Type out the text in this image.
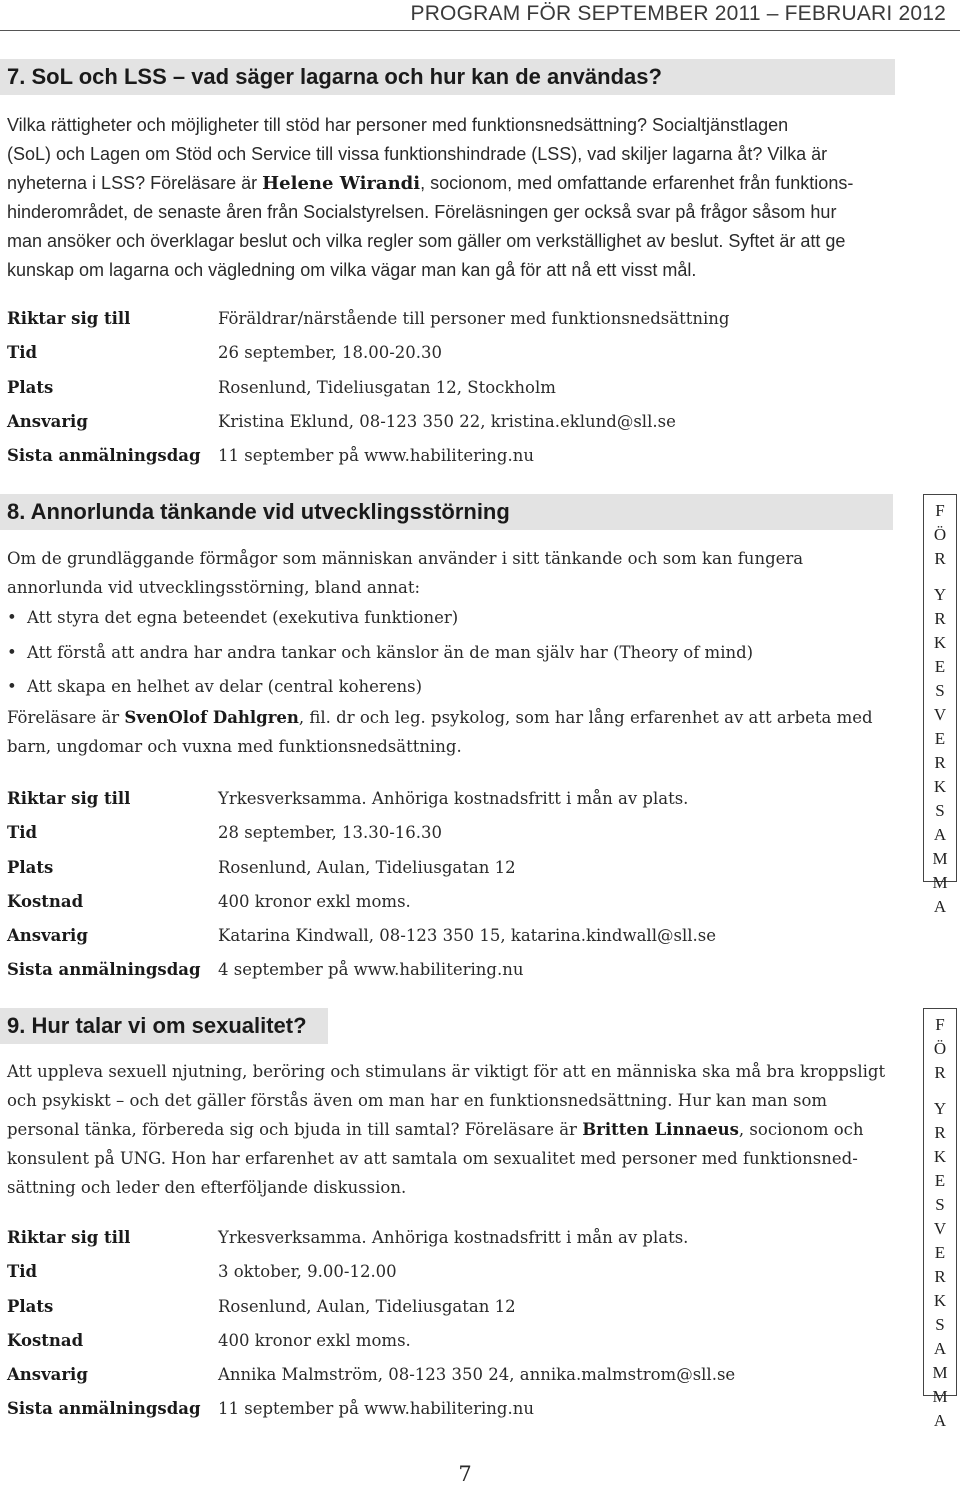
PROGRAM FÖR SEPTEMBER 2011 – FEBRUARI 2012
7. SoL och LSS – vad säger lagarna och hur kan de användas?
Vilka rättigheter och möjligheter till stöd har personer med funktionsnedsättning? Socialtjänstlagen
(SoL) och Lagen om Stöd och Service till vissa funktionshindrade (LSS), vad skiljer lagarna åt? Vilka är
nyheterna i LSS? Föreläsare är Helene Wirandi, socionom, med omfattande erfarenhet från funktions-
hinderområdet, de senaste åren från Socialstyrelsen. Föreläsningen ger också svar på frågor såsom hur
man ansöker och överklagar beslut och vilka regler som gäller om verkställighet av beslut. Syftet är att ge
kunskap om lagarna och vägledning om vilka vägar man kan gå för att nå ett visst mål.
Riktar sig till	Föräldrar/närstående till personer med funktionsnedsättning
Tid	26 september, 18.00-20.30
Plats	Rosenlund, Tideliusgatan 12, Stockholm
Ansvarig	Kristina Eklund, 08-123 350 22, kristina.eklund@sll.se
Sista anmälningsdag 11 september på www.habilitering.nu
8. Annorlunda tänkande vid utvecklingsstörning
Om de grundläggande förmågor som människan använder i sitt tänkande och som kan fungera
annorlunda vid utvecklingsstörning, bland annat:
• Att styra det egna beteendet (exekutiva funktioner)
• Att förstå att andra har andra tankar och känslor än de man själv har (Theory of mind)
• Att skapa en helhet av delar (central koherens)
Föreläsare är SvenOlof Dahlgren, fil. dr och leg. psykolog, som har lång erfarenhet av att arbeta med
barn, ungdomar och vuxna med funktionsnedsättning.
Riktar sig till	Yrkesverksamma. Anhöriga kostnadsfritt i mån av plats.
Tid	28 september, 13.30-16.30
Plats	Rosenlund, Aulan, Tideliusgatan 12
Kostnad	400 kronor exkl moms.
Ansvarig	Katarina Kindwall, 08-123 350 15, katarina.kindwall@sll.se
Sista anmälningsdag 4 september på www.habilitering.nu
9. Hur talar vi om sexualitet?
Att uppleva sexuell njutning, beröring och stimulans är viktigt för att en människa ska må bra kroppsligt
och psykiskt – och det gäller förstås även om man har en funktionsnedsättning. Hur kan man som
personal tänka, förbereda sig och bjuda in till samtal? Föreläsare är Britten Linnaeus, socionom och
konsulent på UNG. Hon har erfarenhet av att samtala om sexualitet med personer med funktionsned-
sättning och leder den efterföljande diskussion.
Riktar sig till	Yrkesverksamma. Anhöriga kostnadsfritt i mån av plats.
Tid	3 oktober, 9.00-12.00
Plats	Rosenlund, Aulan, Tideliusgatan 12
Kostnad	400 kronor exkl moms.
Ansvarig	Annika Malmström, 08-123 350 24, annika.malmstrom@sll.se
Sista anmälningsdag 11 september på www.habilitering.nu
F
Ö
R
Y
R
K
E
S
V
E
R
K
S
A
M
M
A
F
Ö
R
Y
R
K
E
S
V
E
R
K
S
A
M
M
A
7
